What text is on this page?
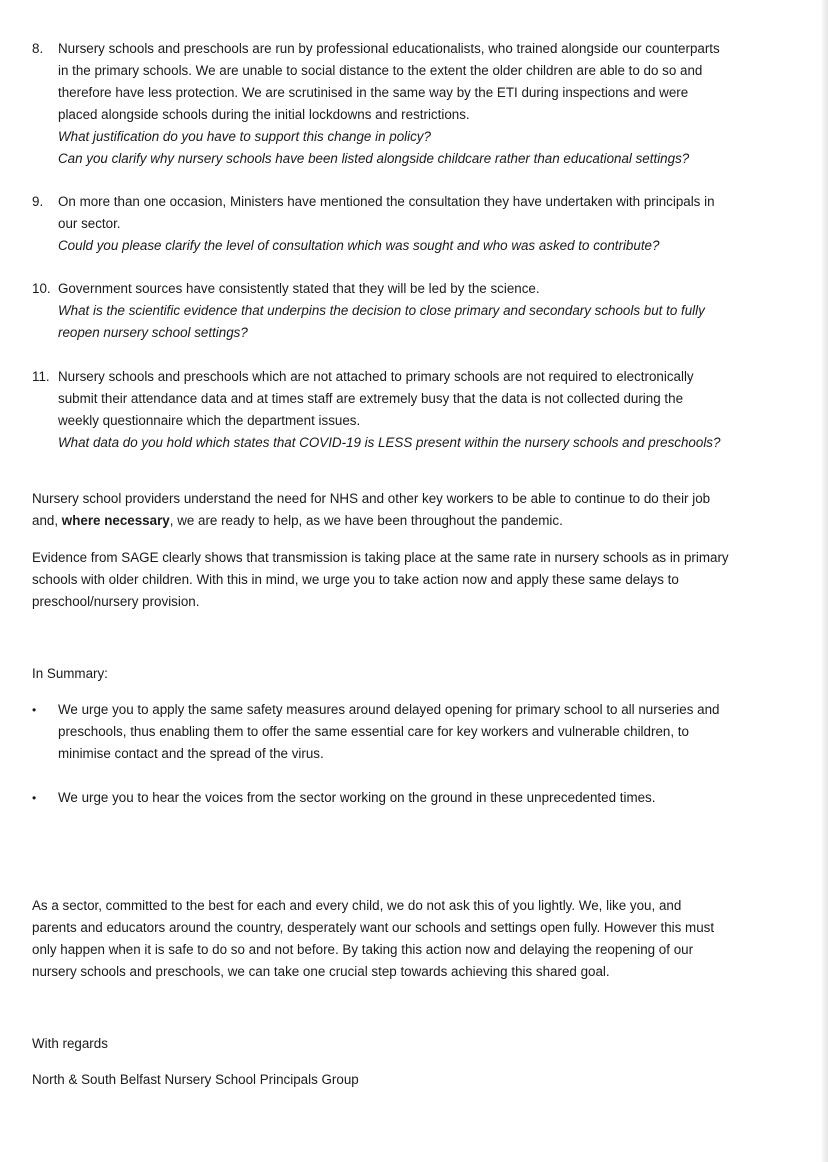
8.	Nursery schools and preschools are run by professional educationalists, who trained alongside our counterparts
in the primary schools. We are unable to social distance to the extent the older children are able to do so and
therefore have less protection. We are scrutinised in the same way by the ETI during inspections and were
placed alongside schools during the initial lockdowns and restrictions.
What justification do you have to support this change in policy?
Can you clarify why nursery schools have been listed alongside childcare rather than educational settings?
9.	On more than one occasion, Ministers have mentioned the consultation they have undertaken with principals in
our sector.
Could you please clarify the level of consultation which was sought and who was asked to contribute?
10. Government sources have consistently stated that they will be led by the science.
What is the scientific evidence that underpins the decision to close primary and secondary schools but to fully
reopen nursery school settings?
11. Nursery schools and preschools which are not attached to primary schools are not required to electronically
submit their attendance data and at times staff are extremely busy that the data is not collected during the
weekly questionnaire which the department issues.
What data do you hold which states that COVID-19 is LESS present within the nursery schools and preschools?
Nursery school providers understand the need for NHS and other key workers to be able to continue to do their job
and, where necessary, we are ready to help, as we have been throughout the pandemic.
Evidence from SAGE clearly shows that transmission is taking place at the same rate in nursery schools as in primary
schools with older children. With this in mind, we urge you to take action now and apply these same delays to
preschool/nursery provision.
In Summary:
•	We urge you to apply the same safety measures around delayed opening for primary school to all nurseries and
preschools, thus enabling them to offer the same essential care for key workers and vulnerable children, to
minimise contact and the spread of the virus.
•	We urge you to hear the voices from the sector working on the ground in these unprecedented times.
As a sector, committed to the best for each and every child, we do not ask this of you lightly. We, like you, and
parents and educators around the country, desperately want our schools and settings open fully. However this must
only happen when it is safe to do so and not before. By taking this action now and delaying the reopening of our
nursery schools and preschools, we can take one crucial step towards achieving this shared goal.
With regards
North & South Belfast Nursery School Principals Group
